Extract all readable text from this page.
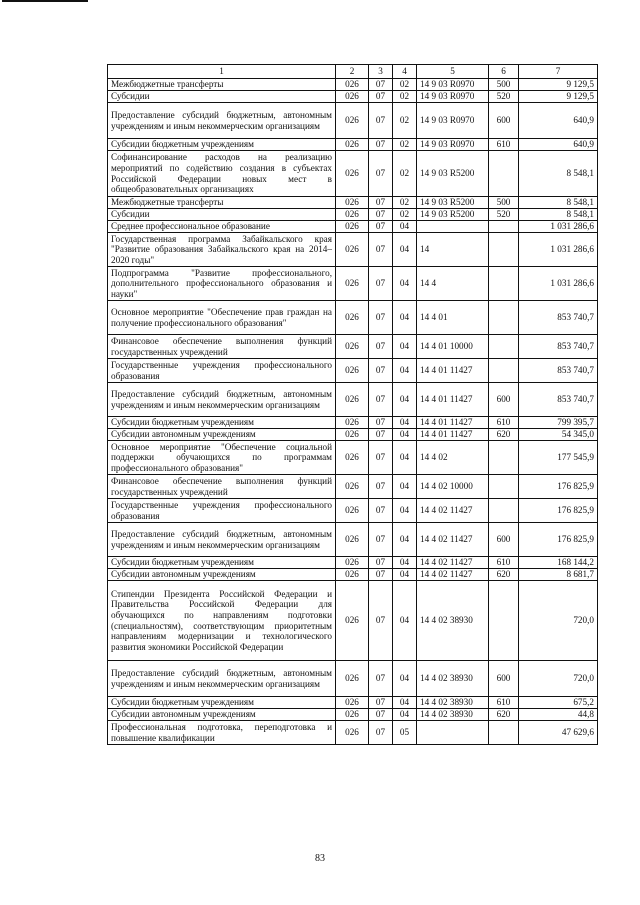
1	2	3	4	5	6	7
Межбюджетные трансферты	026	07	02	14 9 03 R0970	500	9 129,5
Субсидии	026	07	02	14 9 03 R0970	520	9 129,5
Предоставление субсидий бюджетным, автономным учреждениям и иным некоммерческим организациям	026	07	02	14 9 03 R0970	600	640,9
Субсидии бюджетным учреждениям	026	07	02	14 9 03 R0970	610	640,9
Софинансирование расходов на реализацию мероприятий по содействию создания в субъектах Российской Федерации новых мест в общеобразовательных организациях	026	07	02	14 9 03 R5200		8 548,1
Межбюджетные трансферты	026	07	02	14 9 03 R5200	500	8 548,1
Субсидии	026	07	02	14 9 03 R5200	520	8 548,1
Среднее профессиональное образование	026	07	04			1 031 286,6
Государственная программа Забайкальского края "Развитие образования Забайкальского края на 2014–2020 годы"	026	07	04	14		1 031 286,6
Подпрограмма "Развитие профессионального, дополнительного профессионального образования и науки"	026	07	04	14 4		1 031 286,6
Основное мероприятие "Обеспечение прав граждан на получение профессионального образования"	026	07	04	14 4 01		853 740,7
Финансовое обеспечение выполнения функций государственных учреждений	026	07	04	14 4 01 10000		853 740,7
Государственные учреждения профессионального образования	026	07	04	14 4 01 11427		853 740,7
Предоставление субсидий бюджетным, автономным учреждениям и иным некоммерческим организациям	026	07	04	14 4 01 11427	600	853 740,7
Субсидии бюджетным учреждениям	026	07	04	14 4 01 11427	610	799 395,7
Субсидии автономным учреждениям	026	07	04	14 4 01 11427	620	54 345,0
Основное мероприятие "Обеспечение социальной поддержки обучающихся по программам профессионального образования"	026	07	04	14 4 02		177 545,9
Финансовое обеспечение выполнения функций государственных учреждений	026	07	04	14 4 02 10000		176 825,9
Государственные учреждения профессионального образования	026	07	04	14 4 02 11427		176 825,9
Предоставление субсидий бюджетным, автономным учреждениям и иным некоммерческим организациям	026	07	04	14 4 02 11427	600	176 825,9
Субсидии бюджетным учреждениям	026	07	04	14 4 02 11427	610	168 144,2
Субсидии автономным учреждениям	026	07	04	14 4 02 11427	620	8 681,7
Стипендии Президента Российской Федерации и Правительства Российской Федерации для обучающихся по направлениям подготовки (специальностям), соответствующим приоритетным направлениям модернизации и технологического развития экономики Российской Федерации	026	07	04	14 4 02 38930		720,0
Предоставление субсидий бюджетным, автономным учреждениям и иным некоммерческим организациям	026	07	04	14 4 02 38930	600	720,0
Субсидии бюджетным учреждениям	026	07	04	14 4 02 38930	610	675,2
Субсидии автономным учреждениям	026	07	04	14 4 02 38930	620	44,8
Профессиональная подготовка, переподготовка и повышение квалификации	026	07	05			47 629,6
83
